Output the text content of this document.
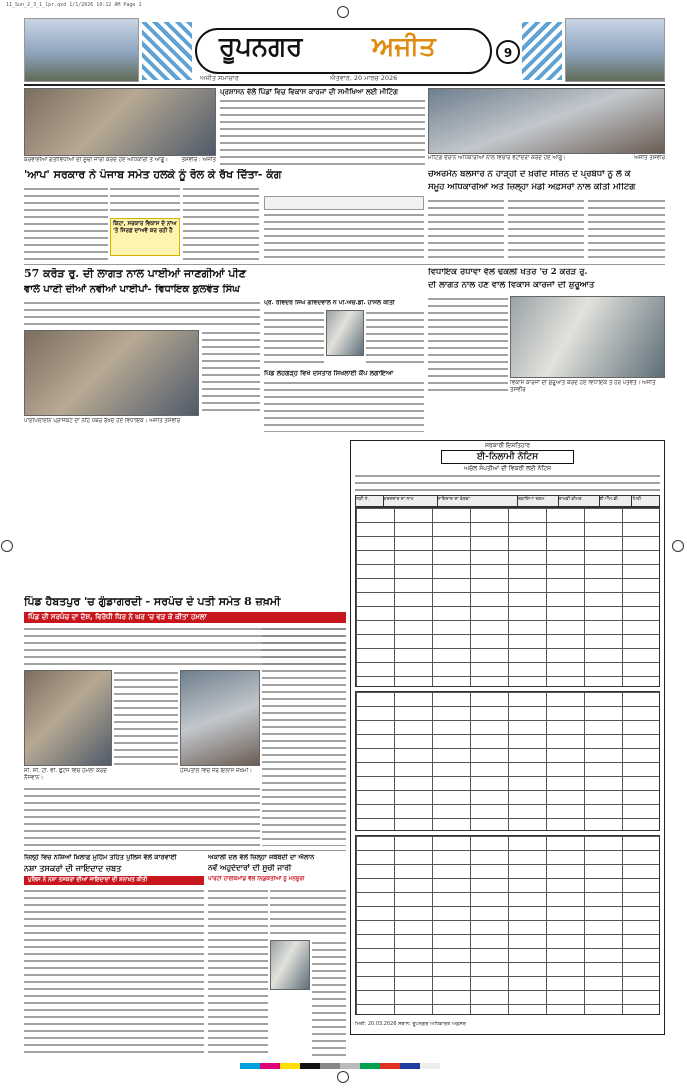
11_Sun_2_3_1_lpr.qxd 1/1/2026 10:12 AM Page 1
ਰੂਪਨਗਰ	ਅਜੀਤ	9
ਅਜੀਤ ਸਮਾਚਾਰ	ਐਤਵਾਰ, 20 ਮਾਰਚ 2026
ਕਰਵਾਈਆਂ ਗਤੀਵਿਧੀਆਂ ਦੀ ਸੂਚੀ ਜਾਰੀ ਕਰਦੇ ਹੋਏ ਅਧਿਕਾਰੀ ਤੇ ਆਗੂ। ਤਸਵੀਰ : ਅਜੀਤ
ਪ੍ਰਸ਼ਾਸਨ ਵੱਲੋਂ ਪਿੰਡਾਂ ਵਿਚ ਵਿਕਾਸ ਕਾਰਜਾਂ ਦੀ ਸਮੀਖਿਆ ਲਈ ਮੀਟਿੰਗ
ਮੀਟਿੰਗ ਦੌਰਾਨ ਅਧਿਕਾਰੀਆਂ ਨਾਲ ਵਿਚਾਰ ਵਟਾਂਦਰਾ ਕਰਦੇ ਹੋਏ ਆਗੂ।	ਅਜੀਤ ਤਸਵੀਰ
'ਆਪ' ਸਰਕਾਰ ਨੇ ਪੰਜਾਬ ਸਮੇਤ ਹਲਕੇ ਨੂੰ ਰੋਲ ਕੇ ਰੱਖ ਦਿੱਤਾ- ਕੰਗ
ਕਿਹਾ, ਸਰਕਾਰ ਵਿਕਾਸ ਦੇ ਨਾਂਅ 'ਤੇ ਸਿਰਫ਼ ਦਾਅਵੇ ਕਰ ਰਹੀ ਹੈ
ਚੇਅਰਮੈਨ ਬਲਸਾਰ ਨੇ ਹਾੜ੍ਹੀ ਦੇ ਖ਼ਰੀਦ ਸੀਜ਼ਨ ਦੇ ਪ੍ਰਬੰਧਾਂ ਨੂੰ ਲੈ ਕੇ
ਸਮੂਹ ਅਧਿਕਾਰੀਆਂ ਅਤੇ ਜ਼ਿਲ੍ਹਾ ਮੰਡੀ ਅਫ਼ਸਰਾਂ ਨਾਲ ਕੀਤੀ ਮੀਟਿੰਗ
ਵਿਧਾਇਕ ਰੰਧਾਵਾ ਵੱਲੋਂ ਢਕੋਲੀ ਖੇਤਰ 'ਚ 2 ਕਰੋੜ ਰੁ.
ਦੀ ਲਾਗਤ ਨਾਲ ਹੋਣ ਵਾਲੇ ਵਿਕਾਸ ਕਾਰਜਾਂ ਦੀ ਸ਼ੁਰੂਆਤ
ਵਿਕਾਸ ਕਾਰਜਾਂ ਦੀ ਸ਼ੁਰੂਆਤ ਕਰਦੇ ਹੋਏ ਵਿਧਾਇਕ ਤੇ ਹੋਰ ਪਤਵੰਤੇ। ਅਜੀਤ ਤਸਵੀਰ
57 ਕਰੋੜ ਰੁ. ਦੀ ਲਾਗਤ ਨਾਲ ਪਾਈਆਂ ਜਾਣਗੀਆਂ ਪੀਣ
ਵਾਲੇ ਪਾਣੀ ਦੀਆਂ ਨਵੀਆਂ ਪਾਈਪਾਂ- ਵਿਧਾਇਕ ਕੁਲਵੰਤ ਸਿੰਘ
ਪਾਈਪਲਾਈਨ ਪ੍ਰਾਜੈਕਟ ਦਾ ਨੀਂਹ ਪੱਥਰ ਰੱਖਦੇ ਹੋਏ ਵਿਧਾਇਕ। ਅਜੀਤ ਤਸਵੀਰ
ਪ੍ਰੋ. ਰਵਿੰਦਰ ਸਿੰਘ ਗੋਵਿੰਦਵਾਲ ਨੇ ਪੀ.ਐੱਚ.ਡੀ. ਹਾਸਲ ਕੀਤੀ
ਪਿੰਡ ਲੋਹਗੜ੍ਹ ਵਿਖੇ ਦਸਤਾਰ ਸਿਖਲਾਈ ਕੈਂਪ ਲਗਾਇਆ
ਸਰਕਾਰੀ ਇਸ਼ਤਿਹਾਰ
ਈ-ਨਿਲਾਮੀ ਨੋਟਿਸ
ਅਚੱਲ ਸੰਪਤੀਆਂ ਦੀ ਵਿਕਰੀ ਲਈ ਨੋਟਿਸ
ਲੜੀ ਨੰ.	ਕਰਜ਼ਦਾਰ ਦਾ ਨਾਮ	ਜਾਇਦਾਦ ਦਾ ਵੇਰਵਾ	ਬਕਾਇਆ ਰਕਮ	ਰਾਖਵੀਂ ਕੀਮਤ	ਈ.ਐੱਮ.ਡੀ.	ਮਿਤੀ
ਮਿਤੀ: 20.03.2026 ਸਥਾਨ: ਰੂਪਨਗਰ ਅਧਿਕਾਰਤ ਅਫ਼ਸਰ
ਪਿੰਡ ਹੈਬਤਪੁਰ 'ਚ ਗੁੰਡਾਗਰਦੀ - ਸਰਪੰਚ ਦੇ ਪਤੀ ਸਮੇਤ 8 ਜ਼ਖ਼ਮੀ
ਪਿੰਡ ਦੀ ਸਰਪੰਚ ਦਾ ਦੋਸ਼, ਵਿਰੋਧੀ ਧਿਰ ਨੇ ਘਰ 'ਚ ਵੜ ਕੇ ਕੀਤਾ ਹਮਲਾ
ਸੀ. ਸੀ. ਟੀ. ਵੀ. ਫੁਟੇਜ ਵਿਚ ਹਮਲਾ ਕਰਦੇ ਨੌਜਵਾਨ।
ਹਸਪਤਾਲ ਵਿਚ ਜ਼ੇਰੇ ਇਲਾਜ ਜ਼ਖ਼ਮੀ।
ਜ਼ਿਲ੍ਹੇ ਵਿਚ ਨਸ਼ਿਆਂ ਖ਼ਿਲਾਫ਼ ਮੁਹਿੰਮ ਤਹਿਤ ਪੁਲਿਸ ਵੱਲੋਂ ਕਾਰਵਾਈ
ਨਸ਼ਾ ਤਸਕਰਾਂ ਦੀ ਜਾਇਦਾਦ ਜ਼ਬਤ
ਪੁਲਿਸ ਨੇ ਨਸ਼ਾ ਤਸਕਰਾਂ ਦੀਆਂ ਜਾਇਦਾਦਾਂ ਦੀ ਸ਼ਨਾਖ਼ਤ ਕੀਤੀ
ਅਕਾਲੀ ਦਲ ਵੱਲੋਂ ਜ਼ਿਲ੍ਹਾ ਜਥੇਬੰਦੀ ਦਾ ਐਲਾਨ
ਨਵੇਂ ਅਹੁਦੇਦਾਰਾਂ ਦੀ ਸੂਚੀ ਜਾਰੀ
ਪਾਰਟੀ ਹਾਈਕਮਾਂਡ ਵੱਲੋਂ ਨਿਯੁਕਤੀਆਂ ਨੂੰ ਮਨਜ਼ੂਰੀ
